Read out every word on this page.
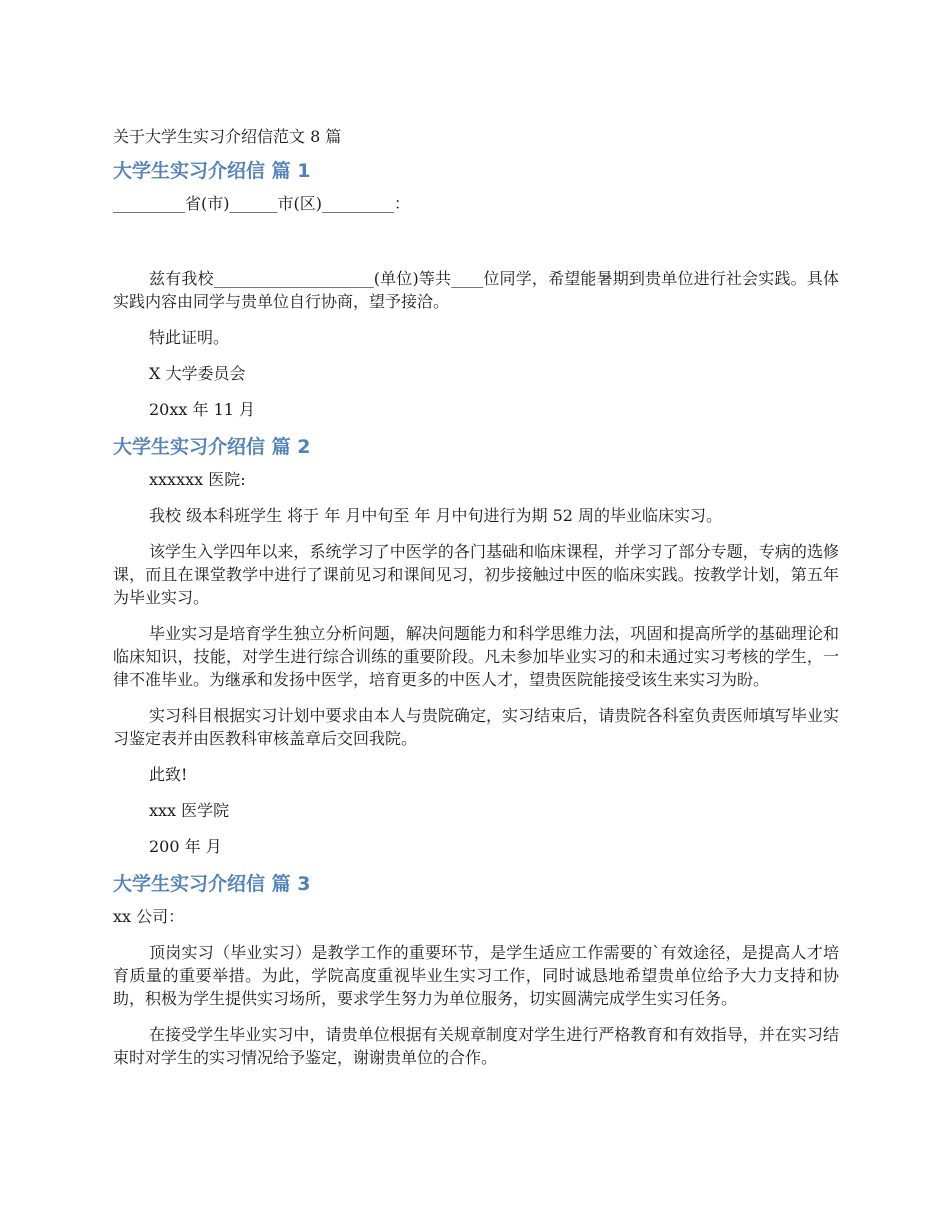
关于大学生实习介绍信范文 8 篇
大学生实习介绍信 篇 1

_________省(市)______市(区)_________：

兹有我校____________________(单位)等共____位同学，希望能暑期到贵单位进行社会实践。具体实践内容由同学与贵单位自行协商，望予接洽。

特此证明。

X 大学委员会

20xx 年 11 月

大学生实习介绍信 篇 2

xxxxxx 医院:

我校 级本科班学生 将于 年 月中旬至 年 月中旬进行为期 52 周的毕业临床实习。

该学生入学四年以来，系统学习了中医学的各门基础和临床课程，并学习了部分专题，专病的选修课，而且在课堂教学中进行了课前见习和课间见习，初步接触过中医的临床实践。按教学计划，第五年为毕业实习。

毕业实习是培育学生独立分析问题，解决问题能力和科学思维力法，巩固和提高所学的基础理论和临床知识，技能，对学生进行综合训练的重要阶段。凡未参加毕业实习的和未通过实习考核的学生，一律不准毕业。为继承和发扬中医学，培育更多的中医人才，望贵医院能接受该生来实习为盼。

实习科目根据实习计划中要求由本人与贵院确定，实习结束后，请贵院各科室负责医师填写毕业实习鉴定表并由医教科审核盖章后交回我院。

此致!

xxx 医学院

200 年 月

大学生实习介绍信 篇 3

xx 公司：

顶岗实习（毕业实习）是教学工作的重要环节，是学生适应工作需要的`有效途径，是提高人才培育质量的重要举措。为此，学院高度重视毕业生实习工作，同时诚恳地希望贵单位给予大力支持和协助，积极为学生提供实习场所，要求学生努力为单位服务，切实圆满完成学生实习任务。

在接受学生毕业实习中，请贵单位根据有关规章制度对学生进行严格教育和有效指导，并在实习结束时对学生的实习情况给予鉴定，谢谢贵单位的合作。
